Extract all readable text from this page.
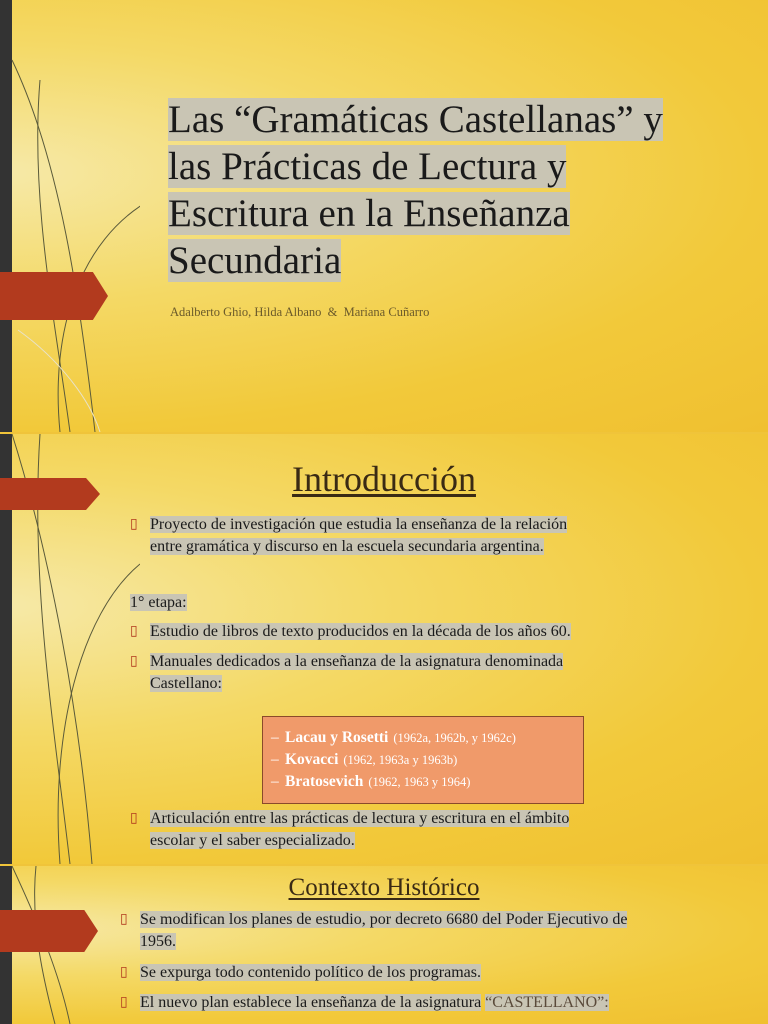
Las “Gramáticas Castellanas” y
las Prácticas de Lectura y
Escritura en la Enseñanza
Secundaria
Adalberto Ghio, Hilda Albano  &  Mariana Cuñarro
Introducción
▯ Proyecto de investigación que estudia la enseñanza de la relación
entre gramática y discurso en la escuela secundaria argentina.
1° etapa:
▯ Estudio de libros de texto producidos en la década de los años 60.
▯ Manuales dedicados a la enseñanza de la asignatura denominada
Castellano:
– Lacau y Rosetti (1962a, 1962b, y 1962c)
– Kovacci (1962, 1963a y 1963b)
– Bratosevich (1962, 1963 y 1964)
▯ Articulación entre las prácticas de lectura y escritura en el ámbito
escolar y el saber especializado.
Contexto Histórico
▯ Se modifican los planes de estudio, por decreto 6680 del Poder Ejecutivo de
1956.
▯ Se expurga todo contenido político de los programas.
▯ El nuevo plan establece la enseñanza de la asignatura “CASTELLANO”:
